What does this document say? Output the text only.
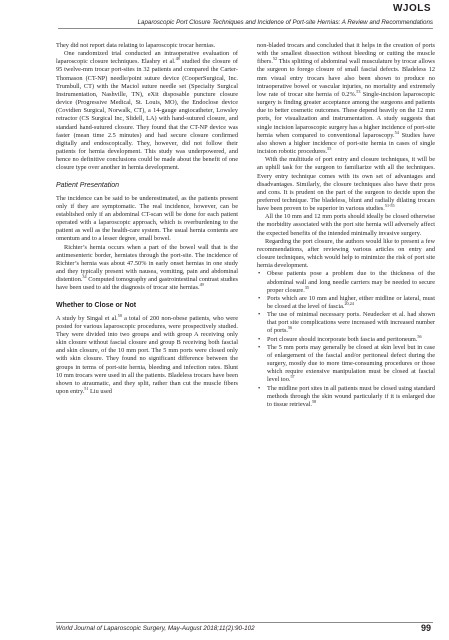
WJOLS
Laparoscopic Port Closure Techniques and Incidence of Port-site Hernias: A Review and Recommendations

They did not report data relating to laparoscopic trocar hernias.

One randomized trial conducted an intraoperative evaluation of laparoscopic closure techniques. Elashry et al.$^{48}$ studied the closure of 95 twelve-mm trocar port-sites in 32 patients and compared the Carter-Thomason (CT-NP) needle/point suture device (CooperSurgical, Inc. Trumbull, CT) with the Maciol suture needle set (Specialty Surgical Instrumentation, Nashville, TN), eXit disposable puncture closure device (Progressive Medical, St. Louis, MO), the Endoclose device (Covidien Surgical, Norwalk, CT), a 14-gauge angiocatheter, Lowsley retractor (CS Surgical Inc, Slidell, LA) with hand-sutured closure, and standard hand-sutured closure. They found that the CT-NP device was faster (mean time 2.5 minutes) and had secure closure confirmed digitally and endoscopically. They, however, did not follow their patients for hernia development. This study was underpowered, and hence no definitive conclusions could be made about the benefit of one closure type over another in hernia development.

Patient Presentation

The incidence can be said to be underestimated, as the patients present only if they are symptomatic. The real incidence, however, can be established only if an abdominal CT-scan will be done for each patient operated with a laparoscopic approach, which is overburdening to the patient as well as the health-care system. The usual hernia contents are omentum and to a lesser degree, small bowel.

Richter’s hernia occurs when a part of the bowel wall that is the antimesenteric border, herniates through the port-site. The incidence of Richter’s hernia was about 47.50% in early onset hernias in one study and they typically present with nausea, vomiting, pain and abdominal distention.$^{34}$ Computed tomography and gastrointestinal contrast studies have been used to aid the diagnosis of trocar site hernias.$^{49}$

Whether to Close or Not

A study by Singal et al.$^{50}$ a total of 200 non-obese patients, who were posted for various laparoscopic procedures, were prospectively studied. They were divided into two groups and with group A receiving only skin closure without fascial closure and group B receiving both fascial and skin closure, of the 10 mm port. The 5 mm ports were closed only with skin closure. They found no significant difference between the groups in terms of port-site hernia, bleeding and infection rates. Blunt 10 mm trocars were used in all the patients. Bladeless trocars have been shown to atraumatic, and they split, rather than cut the muscle fibers upon entry.$^{51}$ Liu used

non-bladed trocars and concluded that it helps in the creation of ports with the smallest dissection without bleeding or cutting the muscle fibers.$^{52}$ This splitting of abdominal wall musculature by trocar allows the surgeon to forego closure of small fascial defects. Bladeless 12 mm visual entry trocars have also been shown to produce no intraoperative bowel or vascular injuries, no mortality and extremely low rate of trocar site hernia of 0.2%.$^{53}$ Single-incision laparoscopic surgery is finding greater acceptance among the surgeons and patients due to better cosmetic outcomes. These depend heavily on the 12 mm ports, for visualization and instrumentation. A study suggests that single incision laparoscopic surgery has a higher incidence of port-site hernia when compared to conventional laparoscopy.$^{54}$ Studies have also shown a higher incidence of port-site hernia in cases of single incision robotic procedures.$^{55}$

With the multitude of port entry and closure techniques, it will be an uphill task for the surgeon to familiarize with all the techniques. Every entry technique comes with its own set of advantages and disadvantages. Similarly, the closure techniques also have their pros and cons. It is prudent on the part of the surgeon to decide upon the preferred technique. The bladeless, blunt and radially dilating trocars have been proven to be superior in various studies.$^{51-55}$

All the 10 mm and 12 mm ports should ideally be closed otherwise the morbidity associated with the port site hernia will adversely affect the expected benefits of the intended minimally invasive surgery.

Regarding the port closure, the authors would like to present a few recommendations, after reviewing various articles on entry and closure techniques, which would help to minimize the risk of port site hernia development.

• Obese patients pose a problem due to the thickness of the abdominal wall and long needle carriers may be needed to secure proper closure.$^{35}$
• Ports which are 10 mm and higher, either midline or lateral, must be closed at the level of fascia.$^{20,24}$
• The use of minimal necessary ports. Neudecker et al. had shown that port site complications were increased with increased number of ports.$^{56}$
• Port closure should incorporate both fascia and peritoneum.$^{56}$
• The 5 mm ports may generally be closed at skin level but in case of enlargement of the fascial and/or peritoneal defect during the surgery, mostly due to more time-consuming procedures or those which require extensive manipulation must be closed at fascial level too.$^{57}$
• The midline port sites in all patients must be closed using standard methods through the skin wound particularly if it is enlarged due to tissue retrieval.$^{58}$
World Journal of Laparoscopic Surgery, May-August 2018;11(2):90-102	99
